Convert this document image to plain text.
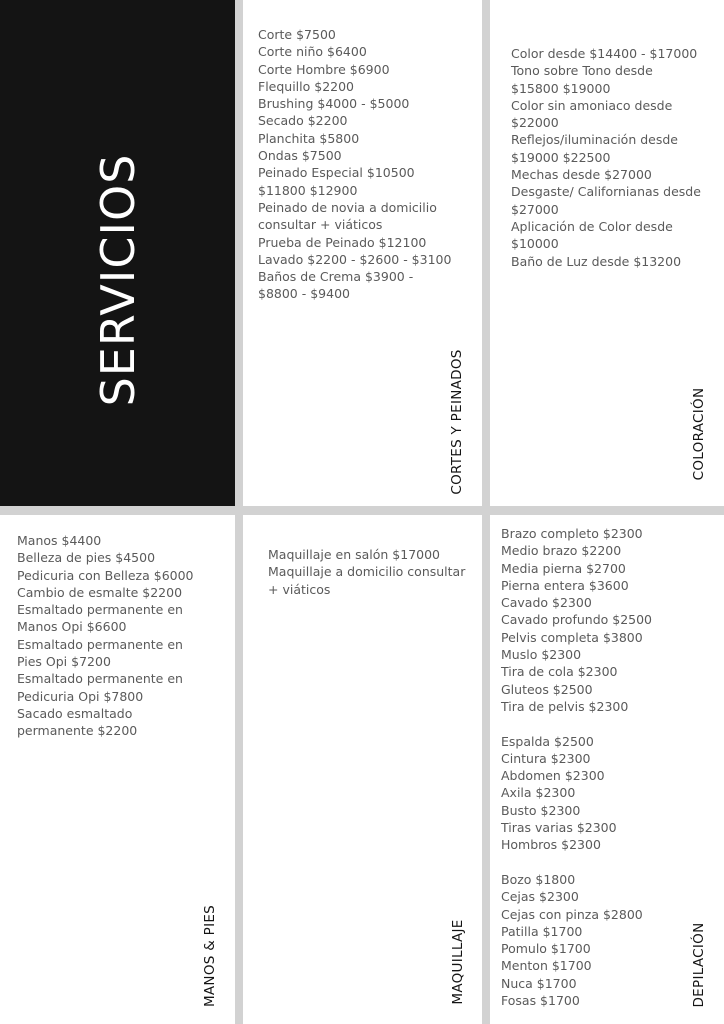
SERVICIOS
Corte $7500
Corte niño $6400
Corte Hombre $6900
Flequillo $2200
Brushing $4000 - $5000
Secado $2200
Planchita $5800
Ondas $7500
Peinado Especial $10500
$11800 $12900
Peinado de novia a domicilio
consultar + viáticos
Prueba de Peinado $12100
Lavado $2200 - $2600 - $3100
Baños de Crema $3900 -
$8800 - $9400
CORTES Y PEINADOS
Color desde $14400 - $17000
Tono sobre Tono desde
$15800 $19000
Color sin amoniaco desde
$22000
Reflejos/iluminación desde
$19000 $22500
Mechas desde $27000
Desgaste/ Californianas desde
$27000
Aplicación de Color desde
$10000
Baño de Luz desde $13200
COLORACIÓN
Manos $4400
Belleza de pies $4500
Pedicuria con Belleza $6000
Cambio de esmalte $2200
Esmaltado permanente en
Manos Opi $6600
Esmaltado permanente en
Pies Opi $7200
Esmaltado permanente en
Pedicuria Opi $7800
Sacado esmaltado
permanente $2200
MANOS & PIES
Maquillaje en salón $17000
Maquillaje a domicilio consultar
+ viáticos
MAQUILLAJE
Brazo completo $2300
Medio brazo $2200
Media pierna $2700
Pierna entera $3600
Cavado $2300
Cavado profundo $2500
Pelvis completa $3800
Muslo $2300
Tira de cola $2300
Gluteos $2500
Tira de pelvis $2300
Espalda $2500
Cintura $2300
Abdomen $2300
Axila $2300
Busto $2300
Tiras varias $2300
Hombros $2300
Bozo $1800
Cejas $2300
Cejas con pinza $2800
Patilla $1700
Pomulo $1700
Menton $1700
Nuca $1700
Fosas $1700	DEPILACIÓN
